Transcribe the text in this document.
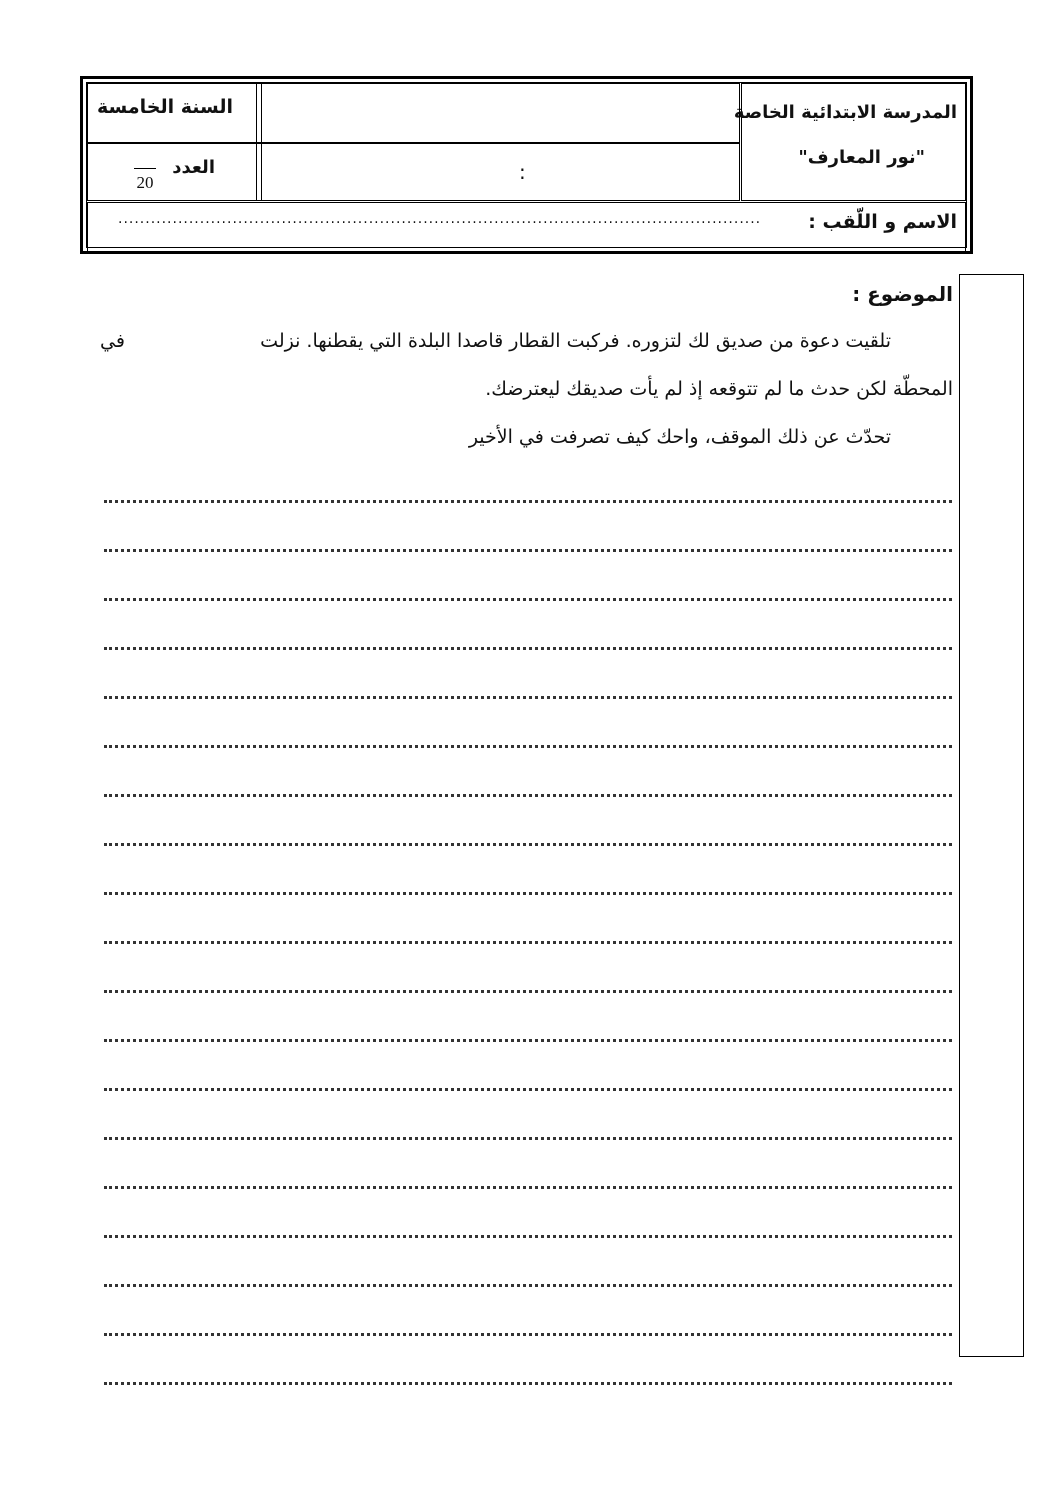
المدرسة الابتدائية الخاصة
"نور المعارف"
:
السنة الخامسة
العدد
20
الاسم و اللّقب :
......................................................................................................................
الموضوع :
تلقيت دعوة من صديق لك لتزوره. فركبت القطار قاصدا البلدة التي يقطنها. نزلت
في
المحطّة لكن حدث ما لم تتوقعه إذ لم يأت صديقك ليعترضك.
تحدّث عن ذلك الموقف، واحك كيف تصرفت في الأخير
